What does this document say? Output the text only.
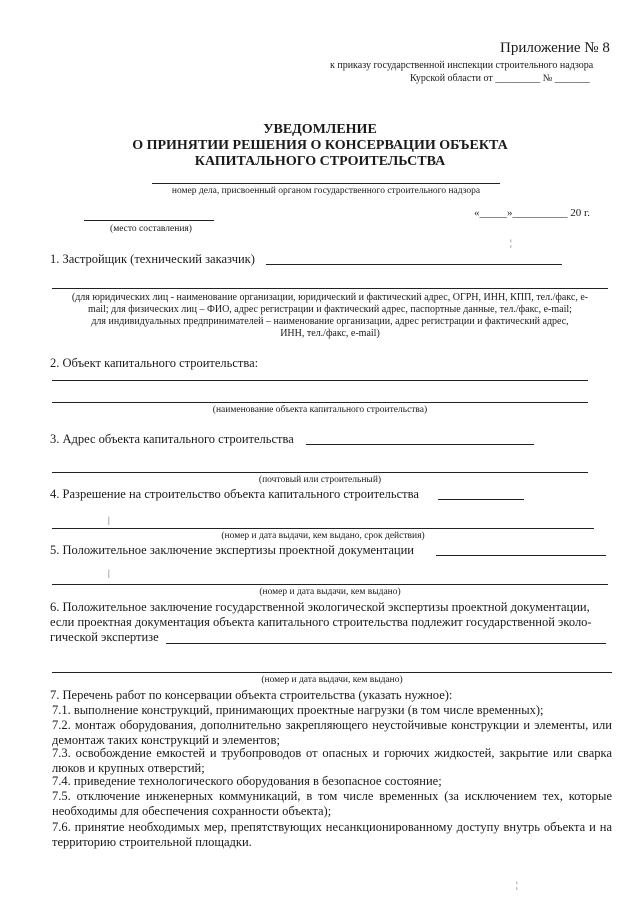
Приложение № 8
к приказу государственной инспекции строительного надзора
Курской области от _________ № _______
УВЕДОМЛЕНИЕ
О ПРИНЯТИИ РЕШЕНИЯ О КОНСЕРВАЦИИ ОБЪЕКТА
КАПИТАЛЬНОГО СТРОИТЕЛЬСТВА
номер дела, присвоенный органом государственного строительного надзора
«_____»__________ 20 г.
(место составления)
¦
1. Застройщик (технический заказчик)
(для юридических лиц - наименование организации, юридический и фактический адрес, ОГРН, ИНН, КПП, тел./факс, e-
mail; для физических лиц – ФИО, адрес регистрации и фактический адрес, паспортные данные, тел./факс, e-mail;
для индивидуальных предпринимателей – наименование организации, адрес регистрации и фактический адрес,
ИНН, тел./факс, e-mail)
2. Объект капитального строительства:
(наименование объекта капитального строительства)
3. Адрес объекта капитального строительства
(почтовый или строительный)
4. Разрешение на строительство объекта капитального строительства
|
(номер и дата выдачи, кем выдано, срок действия)
5. Положительное заключение экспертизы проектной документации
|
(номер и дата выдачи, кем выдано)
6. Положительное заключение государственной экологической экспертизы проектной документации,
если проектная документация объекта капитального строительства подлежит государственной эколо-
гической экспертизе
(номер и дата выдачи, кем выдано)
7. Перечень работ по консервации объекта строительства (указать нужное):
7.1. выполнение конструкций, принимающих проектные нагрузки (в том числе временных);
7.2. монтаж оборудования, дополнительно закрепляющего неустойчивые конструкции и элементы, или демонтаж таких конструкций и элементов;
7.3. освобождение емкостей и трубопроводов от опасных и горючих жидкостей, закрытие или сварка люков и крупных отверстий;
7.4. приведение технологического оборудования в безопасное состояние;
7.5. отключение инженерных коммуникаций, в том числе временных (за исключением тех, которые необходимы для обеспечения сохранности объекта);
7.6. принятие необходимых мер, препятствующих несанкционированному доступу внутрь объекта и на территорию строительной площадки.
¦
